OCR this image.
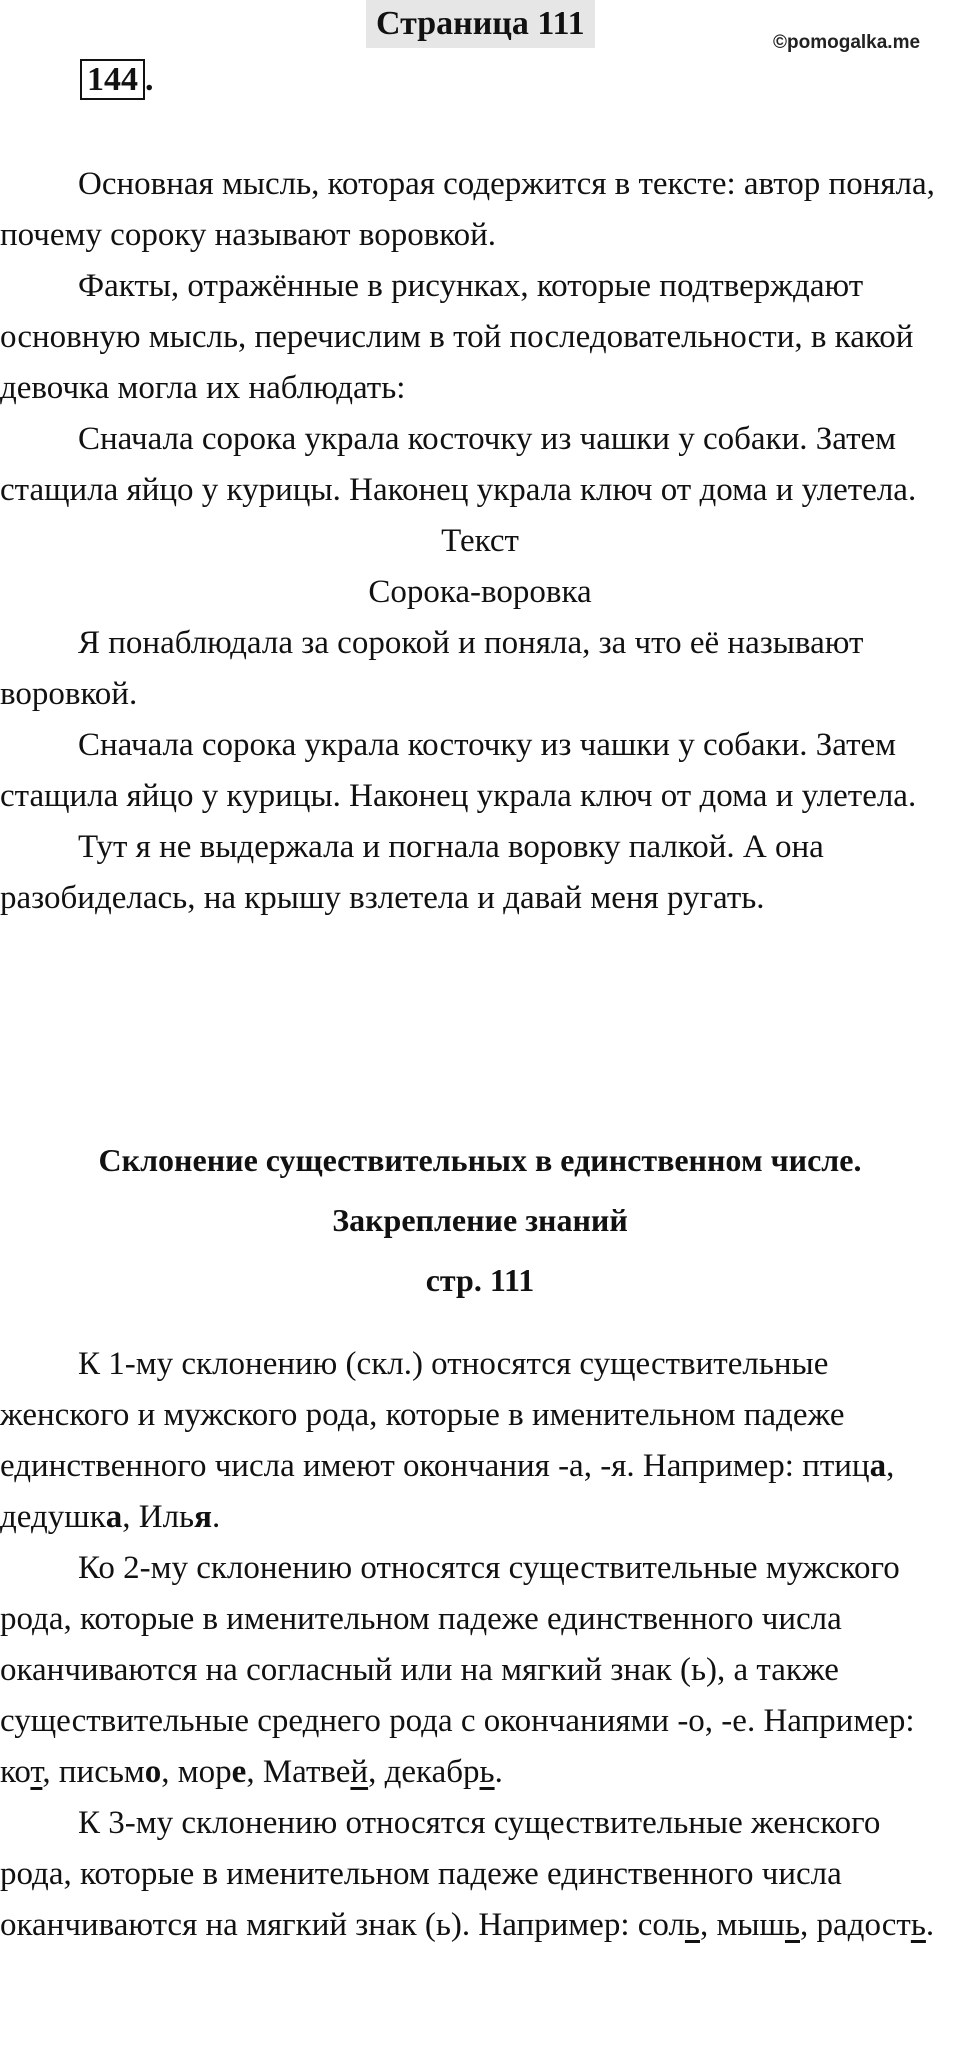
Страница 111
©pomogalka.me
144 .

Основная мысль, которая содержится в тексте: автор поняла, почему сороку называют воровкой.

Факты, отражённые в рисунках, которые подтверждают основную мысль, перечислим в той последовательности, в какой девочка могла их наблюдать:

Сначала сорока украла косточку из чашки у собаки. Затем стащила яйцо у курицы. Наконец украла ключ от дома и улетела.

Текст

Сорока-воровка

Я понаблюдала за сорокой и поняла, за что её называют воровкой.

Сначала сорока украла косточку из чашки у собаки. Затем стащила яйцо у курицы. Наконец украла ключ от дома и улетела.

Тут я не выдержала и погнала воровку палкой. А она разобиделась, на крышу взлетела и давай меня ругать.

Склонение существительных в единственном числе.
Закрепление знаний
стр. 111

К 1-му склонению (скл.) относятся существительные женского и мужского рода, которые в именительном падеже единственного числа имеют окончания -а, -я. Например: птица, дедушка, Илья.

Ко 2-му склонению относятся существительные мужского рода, которые в именительном падеже единственного числа оканчиваются на согласный или на мягкий знак (ь), а также существительные среднего рода с окончаниями -о, -е. Например: кот, письмо, море, Матвей, декабрь.

К 3-му склонению относятся существительные женского рода, которые в именительном падеже единственного числа оканчиваются на мягкий знак (ь). Например: соль, мышь, радость.
